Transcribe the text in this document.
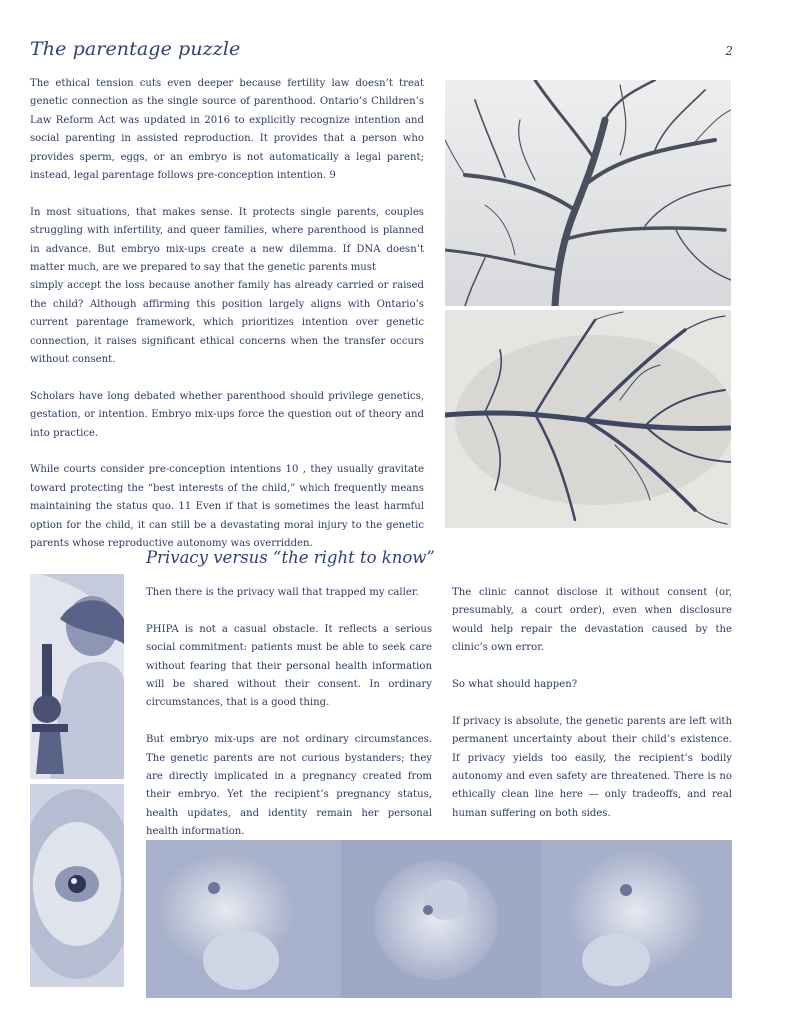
The parentage puzzle	2

The ethical tension cuts even deeper because fertility law doesn’t treat genetic connection as the single source of parenthood. Ontario’s Children’s Law Reform Act was updated in 2016 to explicitly recognize intention and social parenting in assisted reproduction. It provides that a person who provides sperm, eggs, or an embryo is not automatically a legal parent; instead, legal parentage follows pre-conception intention. 9

In most situations, that makes sense. It protects single parents, couples struggling with infertility, and queer families, where parenthood is planned in advance. But embryo mix-ups create a new dilemma. If DNA doesn’t matter much, are we prepared to say that the genetic parents must

simply accept the loss because another family has already carried or raised the child? Although affirming this position largely aligns with Ontario’s current parentage framework, which prioritizes intention over genetic connection, it raises significant ethical concerns when the transfer occurs without consent.

Scholars have long debated whether parenthood should privilege genetics, gestation, or intention. Embryo mix-ups force the question out of theory and into practice.

While courts consider pre-conception intentions 10 , they usually gravitate toward protecting the “best interests of the child,” which frequently means maintaining the status quo. 11 Even if that is sometimes the least harmful option for the child, it can still be a devastating moral injury to the genetic parents whose reproductive autonomy was overridden.

Privacy versus “the right to know”

Then there is the privacy wall that trapped my caller.

PHIPA is not a casual obstacle. It reflects a serious social commitment: patients must be able to seek care without fearing that their personal health information will be shared without their consent. In ordinary circumstances, that is a good thing.

But embryo mix-ups are not ordinary circumstances. The genetic parents are not curious bystanders; they are directly implicated in a pregnancy created from their embryo. Yet the recipient’s pregnancy status, health updates, and identity remain her personal health information.

The clinic cannot disclose it without consent (or, presumably, a court order), even when disclosure would help repair the devastation caused by the clinic’s own error.

So what should happen?

If privacy is absolute, the genetic parents are left with permanent uncertainty about their child’s existence. If privacy yields too easily, the recipient’s bodily autonomy and even safety are threatened. There is no ethically clean line here — only tradeoffs, and real human suffering on both sides.
